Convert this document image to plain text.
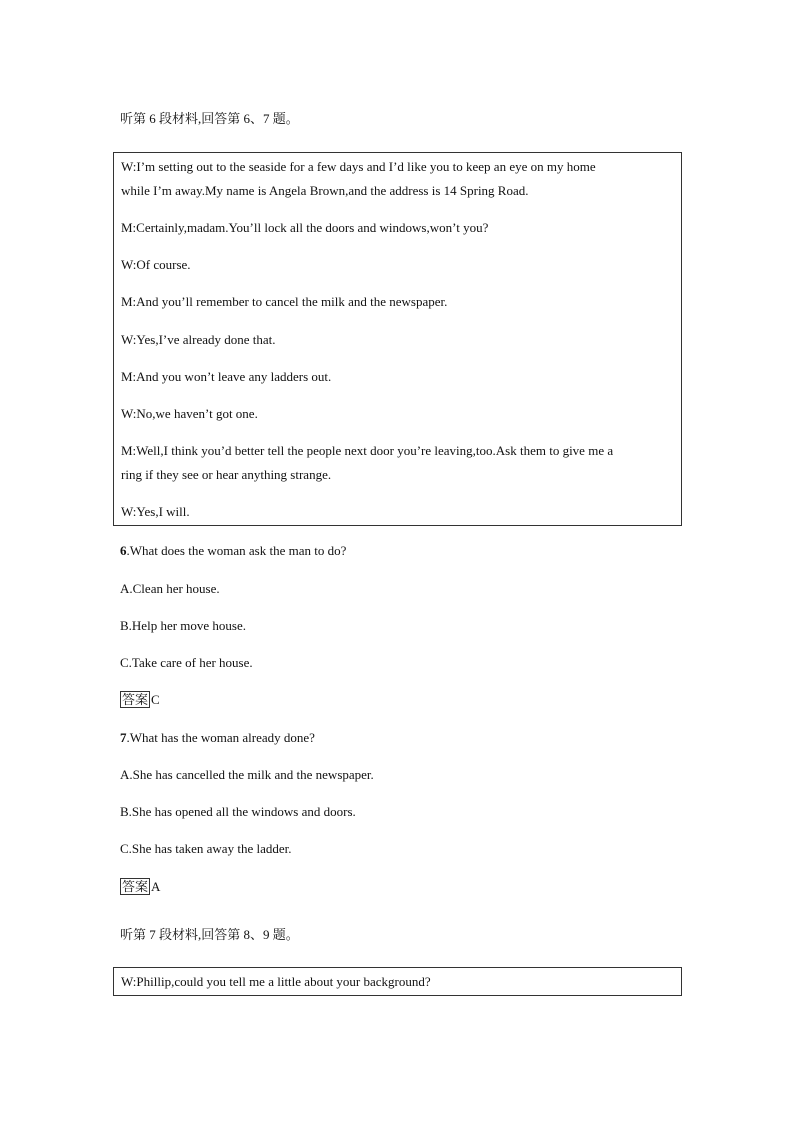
听第 6 段材料,回答第 6、7 题。
W:I’m setting out to the seaside for a few days and I’d like you to keep an eye on my home
while I’m away.My name is Angela Brown,and the address is 14 Spring Road.
M:Certainly,madam.You’ll lock all the doors and windows,won’t you?
W:Of course.
M:And you’ll remember to cancel the milk and the newspaper.
W:Yes,I’ve already done that.
M:And you won’t leave any ladders out.
W:No,we haven’t got one.
M:Well,I think you’d better tell the people next door you’re leaving,too.Ask them to give me a
ring if they see or hear anything strange.
W:Yes,I will.
6.What does the woman ask the man to do?
A.Clean her house.
B.Help her move house.
C.Take care of her house.
答案 C
7.What has the woman already done?
A.She has cancelled the milk and the newspaper.
B.She has opened all the windows and doors.
C.She has taken away the ladder.
答案 A
听第 7 段材料,回答第 8、9 题。
W:Phillip,could you tell me a little about your background?
